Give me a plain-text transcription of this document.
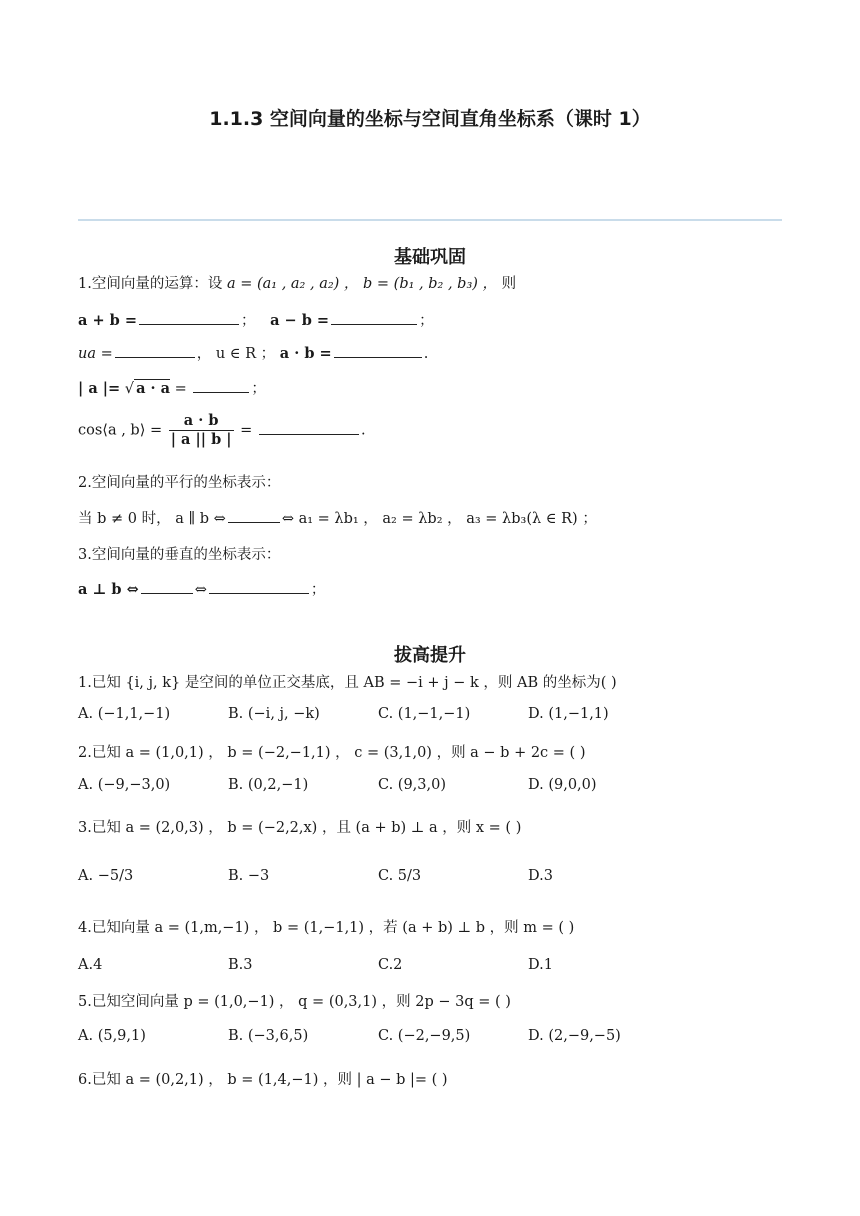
1.1.3 空间向量的坐标与空间直角坐标系（课时 1）
基础巩固
1.空间向量的运算：设 a = (a₁ , a₂ , a₂) ， b = (b₁ , b₂ , b₃) ， 则
a + b =	； a − b =	；
ua =	， u ∈ R ； a · b =	.
| a |= √ a · a =	；
cos⟨a , b⟩ = $\frac{a \cdot b}{| a || b |}$ =	.
2.空间向量的平行的坐标表示：
当 b ≠ 0 时， a ∥ b ⇔	⇔ a₁ = λb₁ ， a₂ = λb₂ ， a₃ = λb₃(λ ∈ R) ；
3.空间向量的垂直的坐标表示：
a ⊥ b ⇔	⇔	；
拔高提升
1.已知 {i, j, k} 是空间的单位正交基底，且 AB = −i + j − k ，则 AB 的坐标为( )
A. (−1,1,−1)	B. (−i, j, −k)	C. (1,−1,−1)	D. (1,−1,1)
2.已知 a = (1,0,1) ， b = (−2,−1,1) ， c = (3,1,0) ，则 a − b + 2c = ( )
A. (−9,−3,0)	B. (0,2,−1)	C. (9,3,0)	D. (9,0,0)
3.已知 a = (2,0,3) ， b = (−2,2,x) ，且 (a + b) ⊥ a ，则 x = ( )
A. −5/3	B. −3	C. 5/3	D.3
4.已知向量 a = (1,m,−1) ， b = (1,−1,1) ，若 (a + b) ⊥ b ，则 m = ( )
A.4	B.3	C.2	D.1
5.已知空间向量 p = (1,0,−1) ， q = (0,3,1) ，则 2p − 3q = ( )
A. (5,9,1)	B. (−3,6,5)	C. (−2,−9,5)	D. (2,−9,−5)
6.已知 a = (0,2,1) ， b = (1,4,−1) ，则 | a − b |= ( )
